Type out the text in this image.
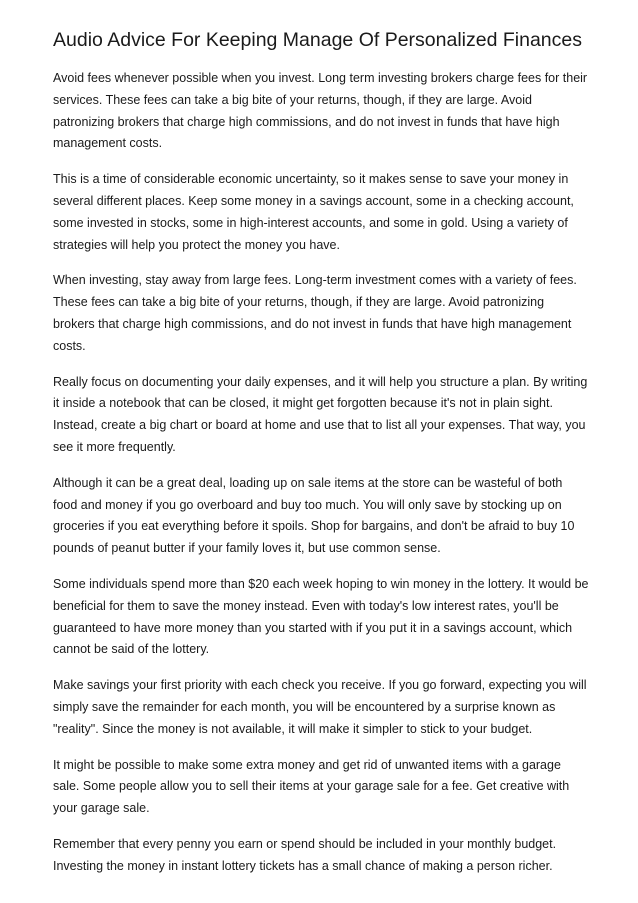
Audio Advice For Keeping Manage Of Personalized Finances

Avoid fees whenever possible when you invest. Long term investing brokers charge fees for their services. These fees can take a big bite of your returns, though, if they are large. Avoid patronizing brokers that charge high commissions, and do not invest in funds that have high management costs.

This is a time of considerable economic uncertainty, so it makes sense to save your money in several different places. Keep some money in a savings account, some in a checking account, some invested in stocks, some in high-interest accounts, and some in gold. Using a variety of strategies will help you protect the money you have.

When investing, stay away from large fees. Long-term investment comes with a variety of fees. These fees can take a big bite of your returns, though, if they are large. Avoid patronizing brokers that charge high commissions, and do not invest in funds that have high management costs.

Really focus on documenting your daily expenses, and it will help you structure a plan. By writing it inside a notebook that can be closed, it might get forgotten because it's not in plain sight. Instead, create a big chart or board at home and use that to list all your expenses. That way, you see it more frequently.

Although it can be a great deal, loading up on sale items at the store can be wasteful of both food and money if you go overboard and buy too much. You will only save by stocking up on groceries if you eat everything before it spoils. Shop for bargains, and don't be afraid to buy 10 pounds of peanut butter if your family loves it, but use common sense.

Some individuals spend more than $20 each week hoping to win money in the lottery. It would be beneficial for them to save the money instead. Even with today's low interest rates, you'll be guaranteed to have more money than you started with if you put it in a savings account, which cannot be said of the lottery.

Make savings your first priority with each check you receive. If you go forward, expecting you will simply save the remainder for each month, you will be encountered by a surprise known as "reality". Since the money is not available, it will make it simpler to stick to your budget.

It might be possible to make some extra money and get rid of unwanted items with a garage sale. Some people allow you to sell their items at your garage sale for a fee. Get creative with your garage sale.

Remember that every penny you earn or spend should be included in your monthly budget. Investing the money in instant lottery tickets has a small chance of making a person richer.
